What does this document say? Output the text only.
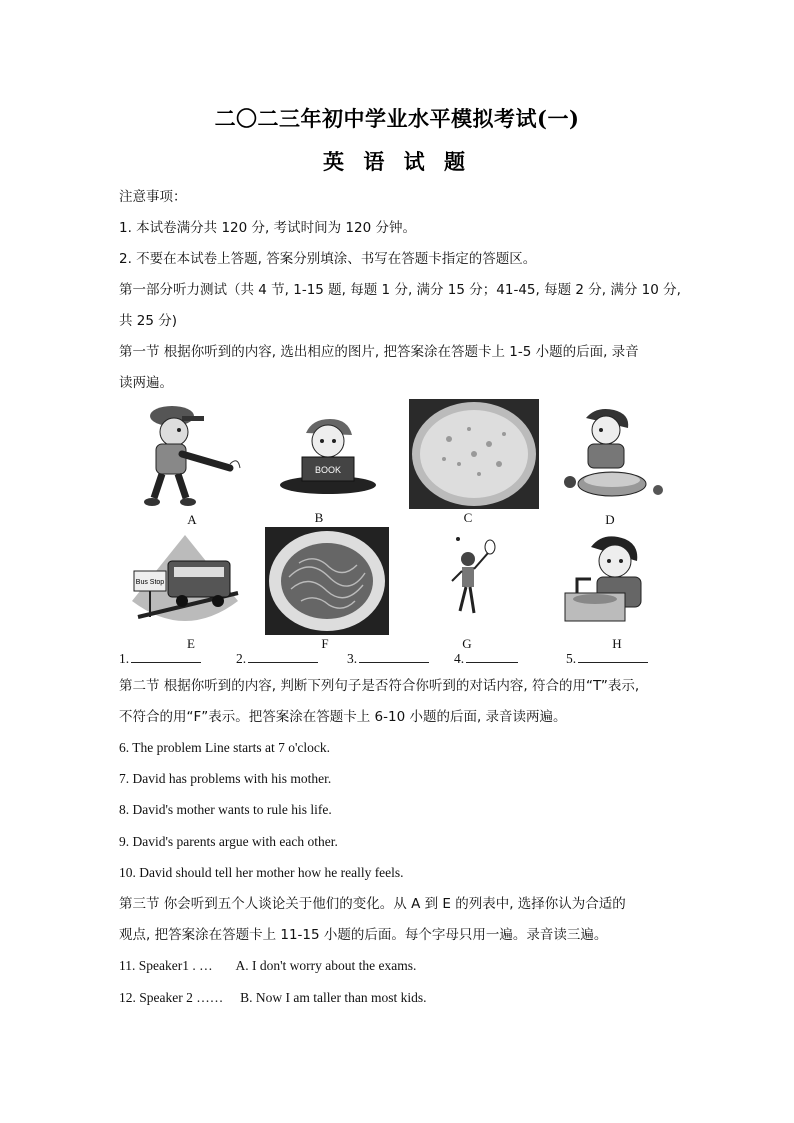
二〇二三年初中学业水平模拟考试(一)
英 语 试 题
注意事项：
1. 本试卷满分共 120 分, 考试时间为 120 分钟。
2. 不要在本试卷上答题, 答案分别填涂、书写在答题卡指定的答题区。
第一部分听力测试（共 4 节, 1-15 题, 每题 1 分, 满分 15 分；41-45, 每题 2 分, 满分 10 分,
共 25 分)
第一节 根据你听到的内容, 选出相应的图片, 把答案涂在答题卡上 1-5 小题的后面, 录音
读两遍。
A
BOOK
B	C	D
Bus Stop
E	F	G	H
1.	2.	3.	4.	5.
第二节 根据你听到的内容, 判断下列句子是否符合你听到的对话内容, 符合的用“T”表示,
不符合的用“F”表示。把答案涂在答题卡上 6-10 小题的后面, 录音读两遍。
6. The problem Line starts at 7 o'clock.
7. David has problems with his mother.
8. David's mother wants to rule his life.
9. David's parents argue with each other.
10. David should tell her mother how he really feels.
第三节 你会听到五个人谈论关于他们的变化。从 A 到 E 的列表中, 选择你认为合适的
观点, 把答案涂在答题卡上 11-15 小题的后面。每个字母只用一遍。录音读三遍。
11. Speaker1 . …       A. I don't worry about the exams.
12. Speaker 2 ……     B. Now I am taller than most kids.
